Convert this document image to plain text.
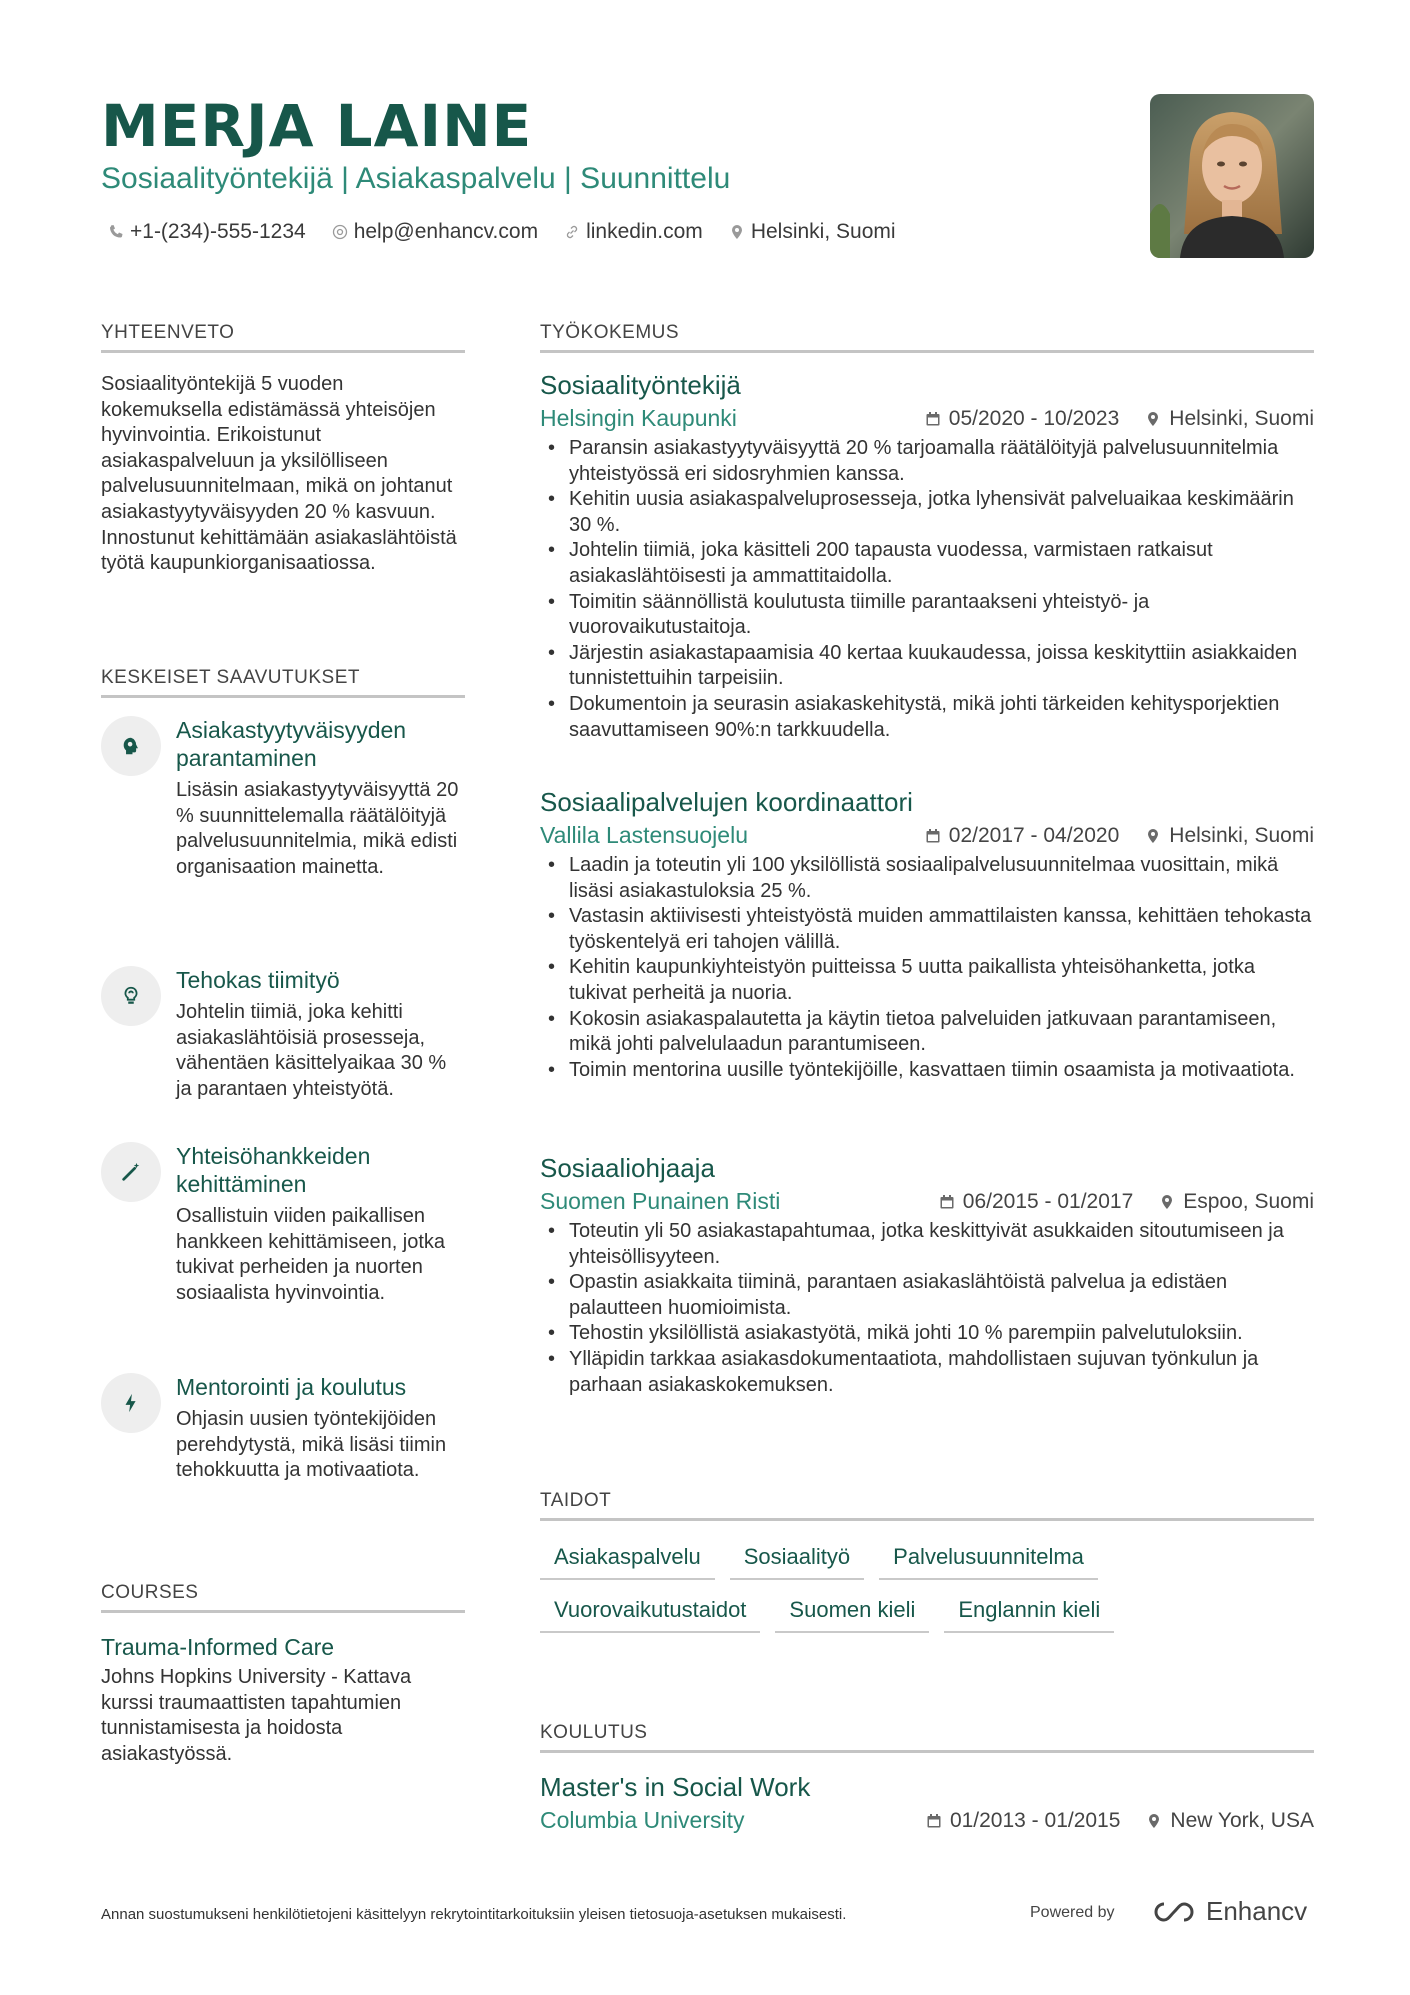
MERJA LAINE
Sosiaalityöntekijä | Asiakaspalvelu | Suunnittelu
+1-(234)-555-1234 help@enhancv.com linkedin.com Helsinki, Suomi
YHTEENVETO
Sosiaalityöntekijä 5 vuoden kokemuksella edistämässä yhteisöjen hyvinvointia. Erikoistunut asiakaspalveluun ja yksilölliseen palvelusuunnitelmaan, mikä on johtanut asiakastyytyväisyyden 20 % kasvuun. Innostunut kehittämään asiakaslähtöistä työtä kaupunkiorganisaatiossa.
KESKEISET SAAVUTUKSET
Asiakastyytyväisyyden parantaminen
Lisäsin asiakastyytyväisyyttä 20 % suunnittelemalla räätälöityjä palvelusuunnitelmia, mikä edisti organisaation mainetta.
Tehokas tiimityö
Johtelin tiimiä, joka kehitti asiakaslähtöisiä prosesseja, vähentäen käsittelyaikaa 30 % ja parantaen yhteistyötä.
Yhteisöhankkeiden kehittäminen
Osallistuin viiden paikallisen hankkeen kehittämiseen, jotka tukivat perheiden ja nuorten sosiaalista hyvinvointia.
Mentorointi ja koulutus
Ohjasin uusien työntekijöiden perehdytystä, mikä lisäsi tiimin tehokkuutta ja motivaatiota.
COURSES
Trauma-Informed Care
Johns Hopkins University - Kattava kurssi traumaattisten tapahtumien tunnistamisesta ja hoidosta asiakastyössä.
TYÖKOKEMUS
Sosiaalityöntekijä
Helsingin Kaupunki	05/2020 - 10/2023 Helsinki, Suomi
• Paransin asiakastyytyväisyyttä 20 % tarjoamalla räätälöityjä palvelusuunnitelmia yhteistyössä eri sidosryhmien kanssa.
• Kehitin uusia asiakaspalveluprosesseja, jotka lyhensivät palveluaikaa keskimäärin 30 %.
• Johtelin tiimiä, joka käsitteli 200 tapausta vuodessa, varmistaen ratkaisut asiakaslähtöisesti ja ammattitaidolla.
• Toimitin säännöllistä koulutusta tiimille parantaakseni yhteistyö- ja vuorovaikutustaitoja.
• Järjestin asiakastapaamisia 40 kertaa kuukaudessa, joissa keskityttiin asiakkaiden tunnistettuihin tarpeisiin.
• Dokumentoin ja seurasin asiakaskehitystä, mikä johti tärkeiden kehitysporjektien saavuttamiseen 90%:n tarkkuudella.
Sosiaalipalvelujen koordinaattori
Vallila Lastensuojelu	02/2017 - 04/2020 Helsinki, Suomi
• Laadin ja toteutin yli 100 yksilöllistä sosiaalipalvelusuunnitelmaa vuosittain, mikä lisäsi asiakastuloksia 25 %.
• Vastasin aktiivisesti yhteistyöstä muiden ammattilaisten kanssa, kehittäen tehokasta työskentelyä eri tahojen välillä.
• Kehitin kaupunkiyhteistyön puitteissa 5 uutta paikallista yhteisöhanketta, jotka tukivat perheitä ja nuoria.
• Kokosin asiakaspalautetta ja käytin tietoa palveluiden jatkuvaan parantamiseen, mikä johti palvelulaadun parantumiseen.
• Toimin mentorina uusille työntekijöille, kasvattaen tiimin osaamista ja motivaatiota.
Sosiaaliohjaaja
Suomen Punainen Risti	06/2015 - 01/2017 Espoo, Suomi
• Toteutin yli 50 asiakastapahtumaa, jotka keskittyivät asukkaiden sitoutumiseen ja yhteisöllisyyteen.
• Opastin asiakkaita tiiminä, parantaen asiakaslähtöistä palvelua ja edistäen palautteen huomioimista.
• Tehostin yksilöllistä asiakastyötä, mikä johti 10 % parempiin palvelutuloksiin.
• Ylläpidin tarkkaa asiakasdokumentaatiota, mahdollistaen sujuvan työnkulun ja parhaan asiakaskokemuksen.
TAIDOT
Asiakaspalvelu	Sosiaalityö	Palvelusuunnitelma
Vuorovaikutustaidot	Suomen kieli	Englannin kieli
KOULUTUS
Master's in Social Work
Columbia University	01/2013 - 01/2015 New York, USA
Annan suostumukseni henkilötietojeni käsittelyyn rekrytointitarkoituksiin yleisen tietosuoja-asetuksen mukaisesti.	Powered by	Enhancv
